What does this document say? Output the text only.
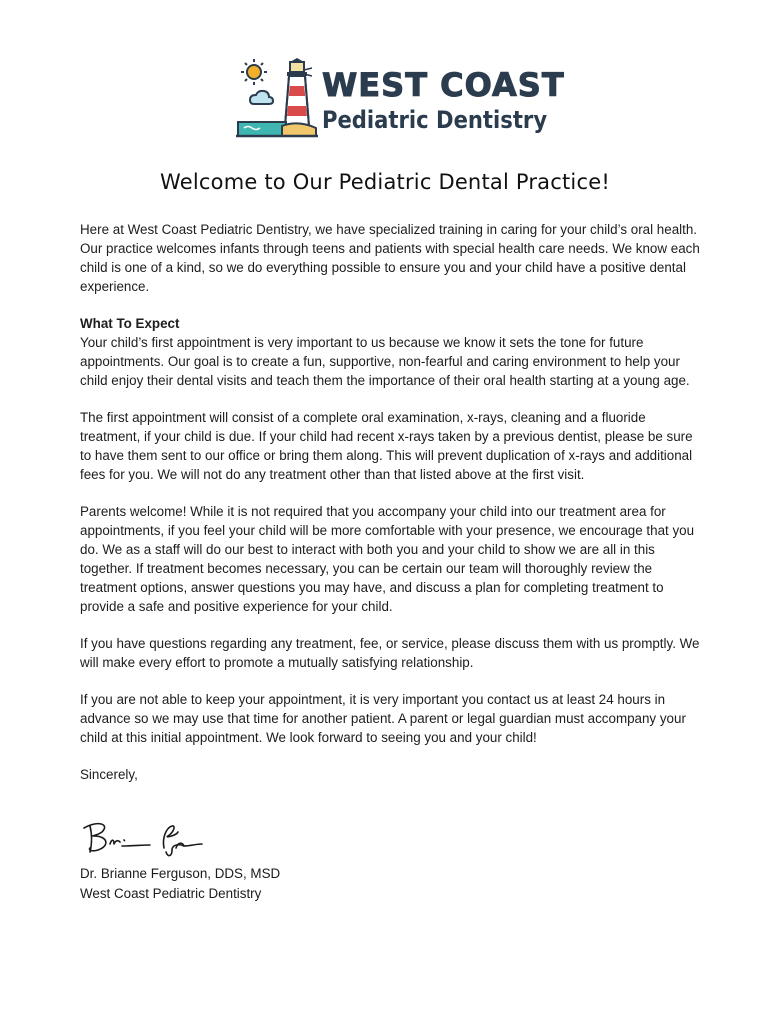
WEST COAST
Pediatric Dentistry
Welcome to Our Pediatric Dental Practice!

Here at West Coast Pediatric Dentistry, we have specialized training in caring for your child’s oral health. Our practice welcomes infants through teens and patients with special health care needs. We know each child is one of a kind, so we do everything possible to ensure you and your child have a positive dental experience.

What To Expect
Your child’s first appointment is very important to us because we know it sets the tone for future appointments. Our goal is to create a fun, supportive, non-fearful and caring environment to help your child enjoy their dental visits and teach them the importance of their oral health starting at a young age.

The first appointment will consist of a complete oral examination, x-rays, cleaning and a fluoride treatment, if your child is due. If your child had recent x-rays taken by a previous dentist, please be sure to have them sent to our office or bring them along. This will prevent duplication of x-rays and additional fees for you. We will not do any treatment other than that listed above at the first visit.

Parents welcome! While it is not required that you accompany your child into our treatment area for appointments, if you feel your child will be more comfortable with your presence, we encourage that you do. We as a staff will do our best to interact with both you and your child to show we are all in this together. If treatment becomes necessary, you can be certain our team will thoroughly review the treatment options, answer questions you may have, and discuss a plan for completing treatment to provide a safe and positive experience for your child.

If you have questions regarding any treatment, fee, or service, please discuss them with us promptly. We will make every effort to promote a mutually satisfying relationship.

If you are not able to keep your appointment, it is very important you contact us at least 24 hours in advance so we may use that time for another patient. A parent or legal guardian must accompany your child at this initial appointment. We look forward to seeing you and your child!

Sincerely,

Dr. Brianne Ferguson, DDS, MSD
West Coast Pediatric Dentistry
